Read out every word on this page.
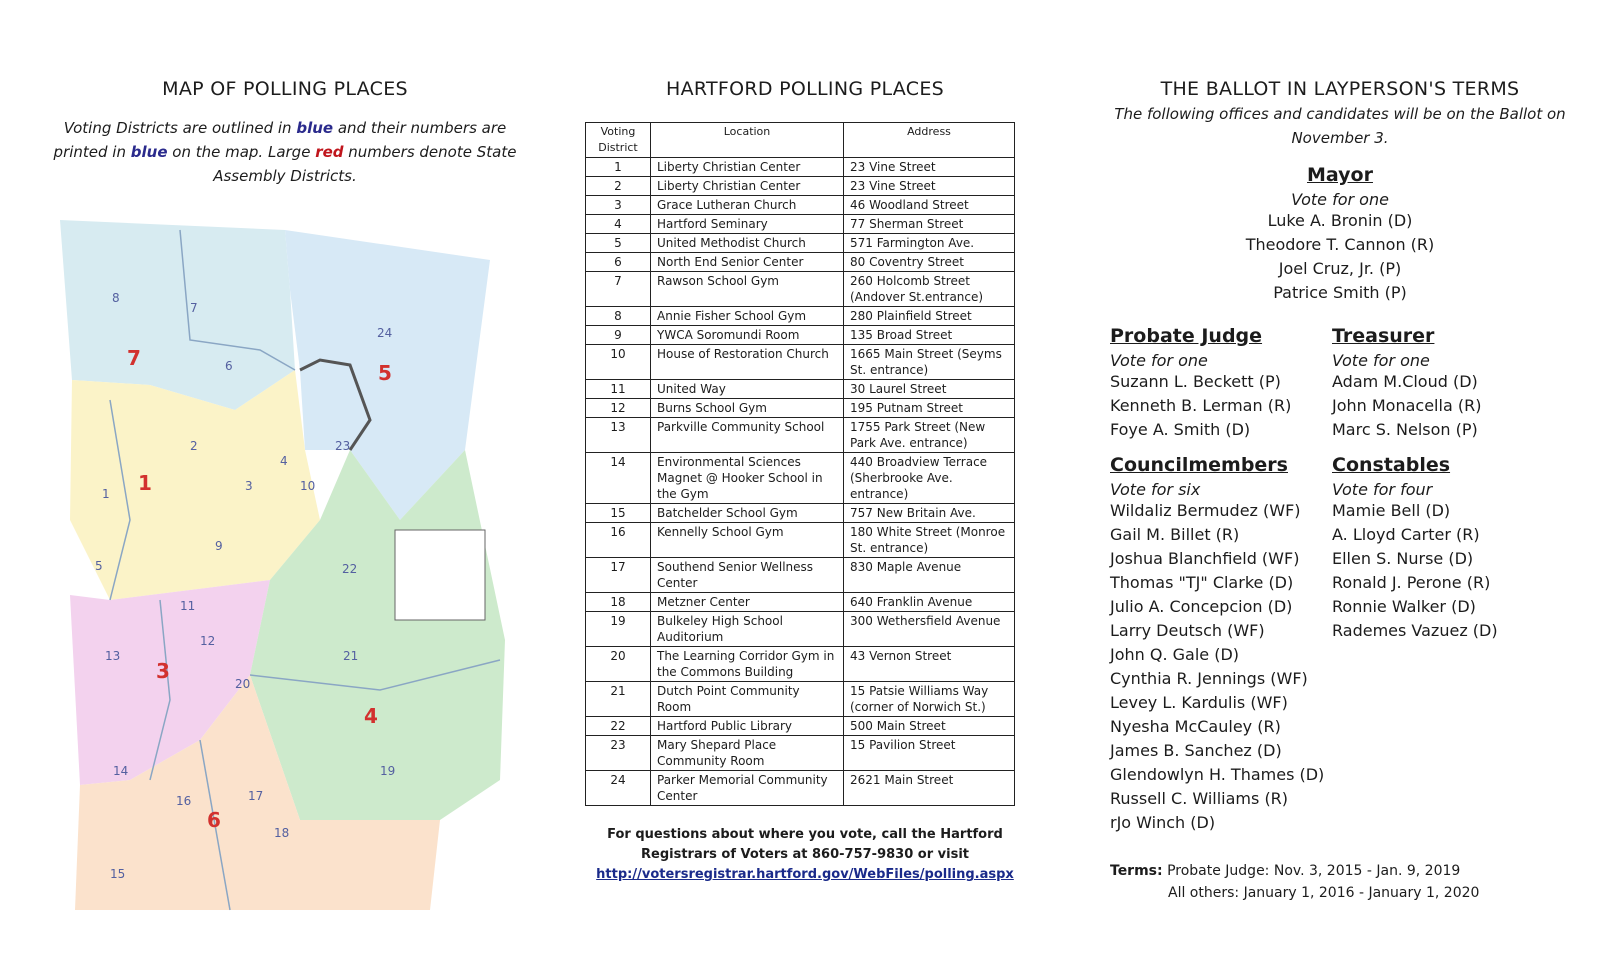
MAP OF POLLING PLACES
Voting Districts are outlined in blue and their numbers are printed in blue on the map. Large red numbers denote State Assembly Districts.
1
2
3
4
5
6
7
8
9
10
11
12
13
14
15
16	17
18
19
20
21
22
23
24
1
3
4
5
6
7
HARTFORD POLLING PLACES
Voting District	Location	Address
1	Liberty Christian Center	23 Vine Street
2	Liberty Christian Center	23 Vine Street
3	Grace Lutheran Church	46 Woodland Street
4	Hartford Seminary	77 Sherman Street
5	United Methodist Church	571 Farmington Ave.
6	North End Senior Center	80 Coventry Street
7	Rawson School Gym	260 Holcomb Street (Andover St.entrance)
8	Annie Fisher School Gym	280 Plainfield Street
9	YWCA Soromundi Room	135 Broad Street
10	House of Restoration Church	1665 Main Street (Seyms St. entrance)
11	United Way	30 Laurel Street
12	Burns School Gym	195 Putnam Street
13	Parkville Community School	1755 Park Street (New Park Ave. entrance)
14	Environmental Sciences Magnet @ Hooker School in the Gym	440 Broadview Terrace (Sherbrooke Ave. entrance)
15	Batchelder School Gym	757 New Britain Ave.
16	Kennelly School Gym	180 White Street (Monroe St. entrance)
17	Southend Senior Wellness Center	830 Maple Avenue
18	Metzner Center	640 Franklin Avenue
19	Bulkeley High School Auditorium	300 Wethersfield Avenue
20	The Learning Corridor Gym in the Commons Building	43 Vernon Street
21	Dutch Point Community Room	15 Patsie Williams Way (corner of Norwich St.)
22	Hartford Public Library	500 Main Street
23	Mary Shepard Place Community Room	15 Pavilion Street
24	Parker Memorial Community Center	2621 Main Street
For questions about where you vote, call the Hartford Registrars of Voters at 860-757-9830 or visit
http://votersregistrar.hartford.gov/WebFiles/polling.aspx
THE BALLOT IN LAYPERSON'S TERMS
The following offices and candidates will be on the Ballot on November 3.
Mayor
Vote for one
Luke A. Bronin (D)
Theodore T. Cannon (R)
Joel Cruz, Jr. (P)
Patrice Smith (P)
Probate Judge
Vote for one
Suzann L. Beckett (P)
Kenneth B. Lerman (R)
Foye A. Smith (D)
Councilmembers
Vote for six
Wildaliz Bermudez (WF)
Gail M. Billet (R)
Joshua Blanchfield (WF)
Thomas "TJ" Clarke (D)
Julio A. Concepcion (D)
Larry Deutsch (WF)
John Q. Gale (D)
Cynthia R. Jennings (WF)
Levey L. Kardulis (WF)
Nyesha McCauley (R)
James B. Sanchez (D)
Glendowlyn H. Thames (D)
Russell C. Williams (R)
rJo Winch (D)
Treasurer
Vote for one
Adam M.Cloud (D)
John Monacella (R)
Marc S. Nelson (P)
Constables
Vote for four
Mamie Bell (D)
A. Lloyd Carter (R)
Ellen S. Nurse (D)
Ronald J. Perone (R)
Ronnie Walker (D)
Rademes Vazuez (D)
Terms: Probate Judge: Nov. 3, 2015 - Jan. 9, 2019
All others: January 1, 2016 - January 1, 2020
